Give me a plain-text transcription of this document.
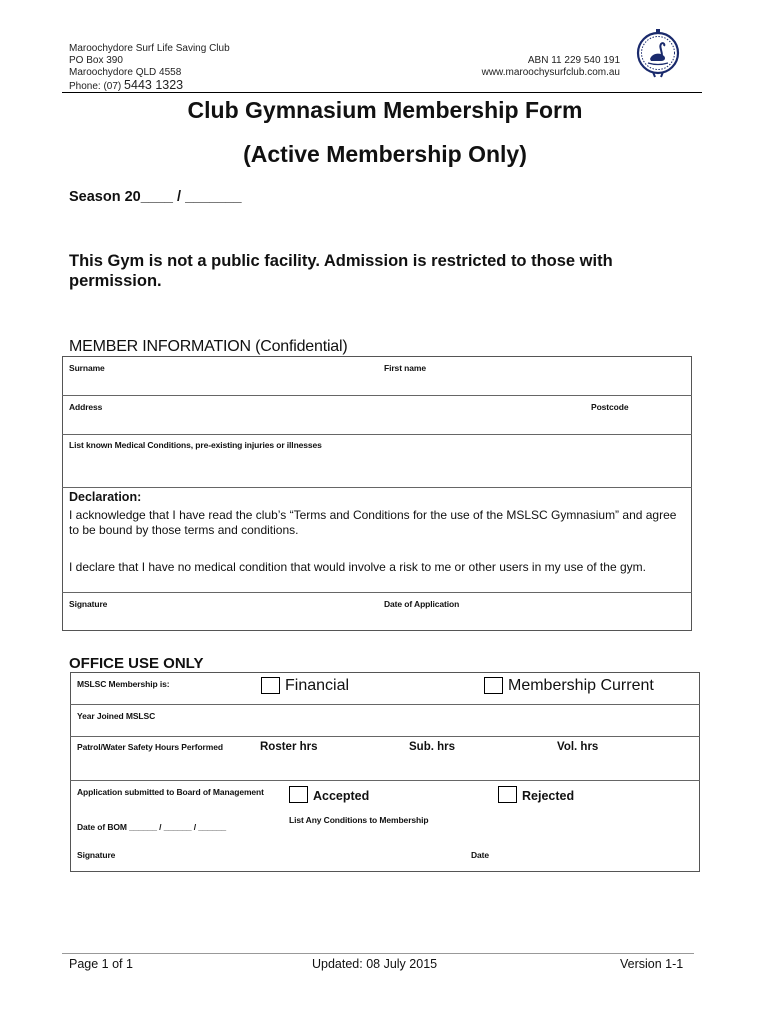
Maroochydore Surf Life Saving Club
PO Box 390
Maroochydore QLD 4558
Phone: (07) 5443 1323
ABN 11 229 540 191
www.maroochysurfclub.com.au
Club Gymnasium Membership Form
(Active Membership Only)
Season 20____ / _______
This Gym is not a public facility. Admission is restricted to those with permission.
MEMBER INFORMATION (Confidential)
Surname	First name
Address	Postcode
List known Medical Conditions, pre-existing injuries or illnesses
Declaration:
I acknowledge that I have read the club’s “Terms and Conditions for the use of the MSLSC Gymnasium” and agree to be bound by those terms and conditions.
I declare that I have no medical condition that would involve a risk to me or other users in my use of the gym.
Signature	Date of Application
OFFICE USE ONLY
MSLSC Membership is:	Financial	Membership Current
Year Joined MSLSC
Patrol/Water Safety Hours Performed	Roster hrs	Sub. hrs	Vol. hrs
Application submitted to Board of Management	Accepted	Rejected
List Any Conditions to Membership
Date of BOM ______ / ______ / ______
Signature	Date
Page 1 of 1	Updated: 08 July 2015	Version 1-1
